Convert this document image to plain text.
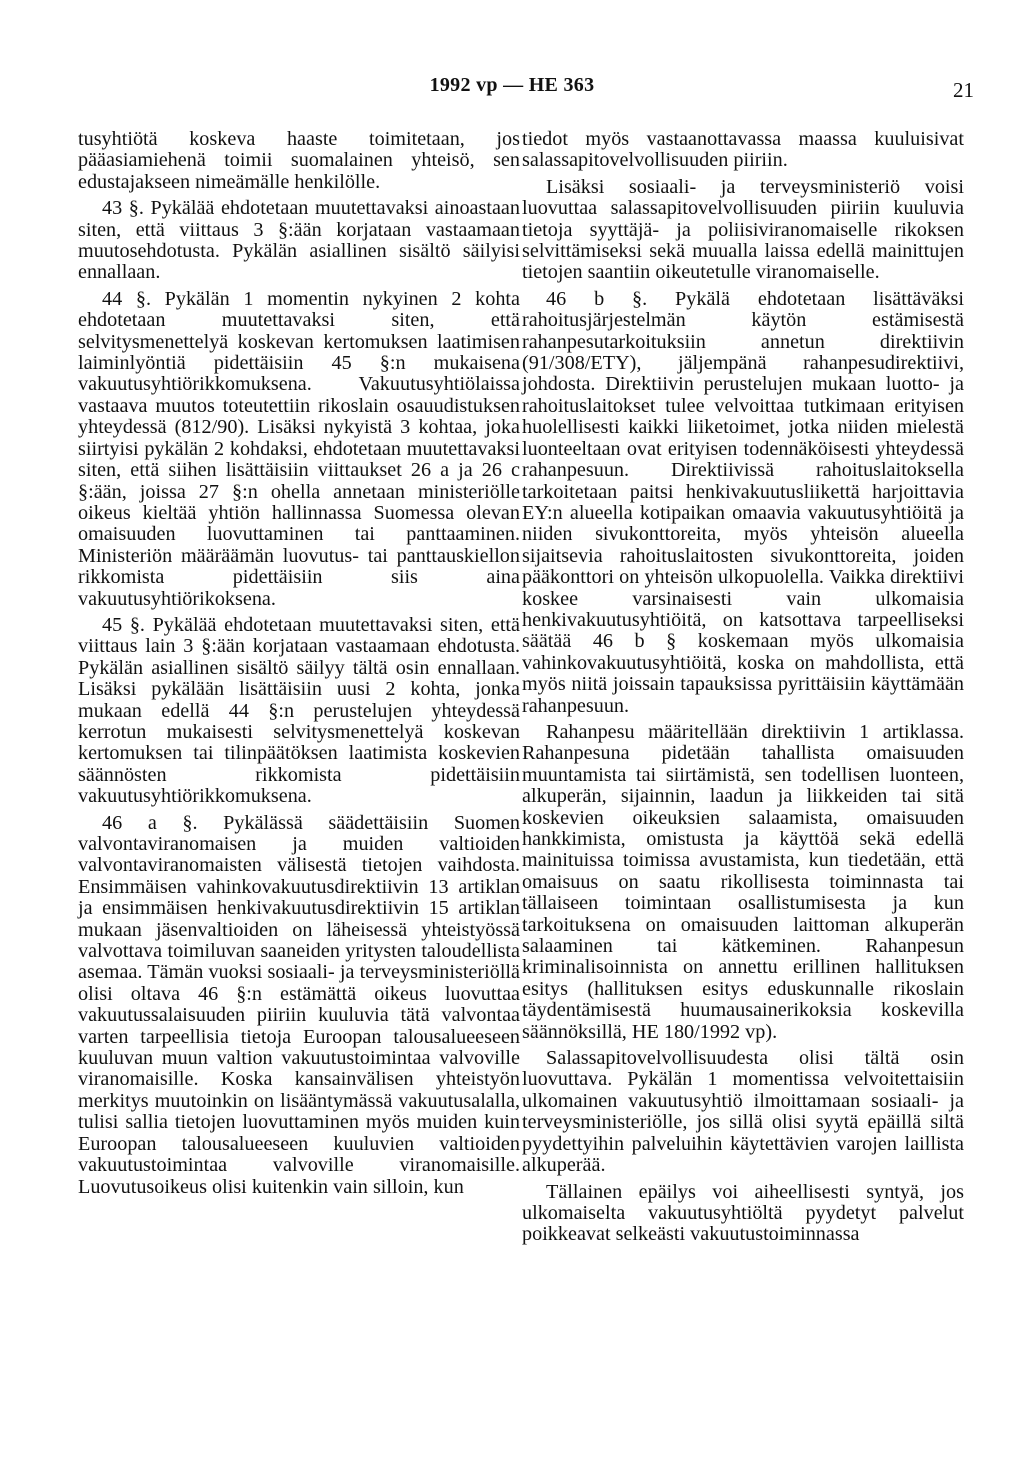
1992 vp — HE 363	21

tusyhtiötä koskeva haaste toimitetaan, jos pääasiamiehenä toimii suomalainen yhteisö, sen edustajakseen nimeämälle henkilölle.

43 §. Pykälää ehdotetaan muutettavaksi ainoastaan siten, että viittaus 3 §:ään korjataan vastaamaan muutosehdotusta. Pykälän asiallinen sisältö säilyisi ennallaan.

44 §. Pykälän 1 momentin nykyinen 2 kohta ehdotetaan muutettavaksi siten, että selvitysmenettelyä koskevan kertomuksen laatimisen laiminlyöntiä pidettäisiin 45 §:n mukaisena vakuutusyhtiörikkomuksena. Vakuutusyhtiölaissa vastaava muutos toteutettiin rikoslain osauudistuksen yhteydessä (812/90). Lisäksi nykyistä 3 kohtaa, joka siirtyisi pykälän 2 kohdaksi, ehdotetaan muutettavaksi siten, että siihen lisättäisiin viittaukset 26 a ja 26 c §:ään, joissa 27 §:n ohella annetaan ministeriölle oikeus kieltää yhtiön hallinnassa Suomessa olevan omaisuuden luovuttaminen tai panttaaminen. Ministeriön määräämän luovutus- tai panttauskiellon rikkomista pidettäisiin siis aina vakuutusyhtiörikoksena.

45 §. Pykälää ehdotetaan muutettavaksi siten, että viittaus lain 3 §:ään korjataan vastaamaan ehdotusta. Pykälän asiallinen sisältö säilyy tältä osin ennallaan. Lisäksi pykälään lisättäisiin uusi 2 kohta, jonka mukaan edellä 44 §:n perustelujen yhteydessä kerrotun mukaisesti selvitysmenettelyä koskevan kertomuksen tai tilinpäätöksen laatimista koskevien säännösten rikkomista pidettäisiin vakuutusyhtiörikkomuksena.

46 a §. Pykälässä säädettäisiin Suomen valvontaviranomaisen ja muiden valtioiden valvontaviranomaisten välisestä tietojen vaihdosta. Ensimmäisen vahinkovakuutusdirektiivin 13 artiklan ja ensimmäisen henkivakuutusdirektiivin 15 artiklan mukaan jäsenvaltioiden on läheisessä yhteistyössä valvottava toimiluvan saaneiden yritysten taloudellista asemaa. Tämän vuoksi sosiaali- ja terveysministeriöllä olisi oltava 46 §:n estämättä oikeus luovuttaa vakuutussalaisuuden piiriin kuuluvia tätä valvontaa varten tarpeellisia tietoja Euroopan talousalueeseen kuuluvan muun valtion vakuutustoimintaa valvoville viranomaisille. Koska kansainvälisen yhteistyön merkitys muutoinkin on lisääntymässä vakuutusalalla, tulisi sallia tietojen luovuttaminen myös muiden kuin Euroopan talousalueeseen kuuluvien valtioiden vakuutustoimintaa valvoville viranomaisille. Luovutusoikeus olisi kuitenkin vain silloin, kun

tiedot myös vastaanottavassa maassa kuuluisivat salassapitovelvollisuuden piiriin.

Lisäksi sosiaali- ja terveysministeriö voisi luovuttaa salassapitovelvollisuuden piiriin kuuluvia tietoja syyttäjä- ja poliisiviranomaiselle rikoksen selvittämiseksi sekä muualla laissa edellä mainittujen tietojen saantiin oikeutetulle viranomaiselle.

46 b §. Pykälä ehdotetaan lisättäväksi rahoitusjärjestelmän käytön estämisestä rahanpesutarkoituksiin annetun direktiivin (91/308/ETY), jäljempänä rahanpesudirektiivi, johdosta. Direktiivin perustelujen mukaan luotto- ja rahoituslaitokset tulee velvoittaa tutkimaan erityisen huolellisesti kaikki liiketoimet, jotka niiden mielestä luonteeltaan ovat erityisen todennäköisesti yhteydessä rahanpesuun. Direktiivissä rahoituslaitoksella tarkoitetaan paitsi henkivakuutusliikettä harjoittavia EY:n alueella kotipaikan omaavia vakuutusyhtiöitä ja niiden sivukonttoreita, myös yhteisön alueella sijaitsevia rahoituslaitosten sivukonttoreita, joiden pääkonttori on yhteisön ulkopuolella. Vaikka direktiivi koskee varsinaisesti vain ulkomaisia henkivakuutusyhtiöitä, on katsottava tarpeelliseksi säätää 46 b § koskemaan myös ulkomaisia vahinkovakuutusyhtiöitä, koska on mahdollista, että myös niitä joissain tapauksissa pyrittäisiin käyttämään rahanpesuun.

Rahanpesu määritellään direktiivin 1 artiklassa. Rahanpesuna pidetään tahallista omaisuuden muuntamista tai siirtämistä, sen todellisen luonteen, alkuperän, sijainnin, laadun ja liikkeiden tai sitä koskevien oikeuksien salaamista, omaisuuden hankkimista, omistusta ja käyttöä sekä edellä mainituissa toimissa avustamista, kun tiedetään, että omaisuus on saatu rikollisesta toiminnasta tai tällaiseen toimintaan osallistumisesta ja kun tarkoituksena on omaisuuden laittoman alkuperän salaaminen tai kätkeminen. Rahanpesun kriminalisoinnista on annettu erillinen hallituksen esitys (hallituksen esitys eduskunnalle rikoslain täydentämisestä huumausainerikoksia koskevilla säännöksillä, HE 180/1992 vp).

Salassapitovelvollisuudesta olisi tältä osin luovuttava. Pykälän 1 momentissa velvoitettaisiin ulkomainen vakuutusyhtiö ilmoittamaan sosiaali- ja terveysministeriölle, jos sillä olisi syytä epäillä siltä pyydettyihin palveluihin käytettävien varojen laillista alkuperää.

Tällainen epäilys voi aiheellisesti syntyä, jos ulkomaiselta vakuutusyhtiöltä pyydetyt palvelut poikkeavat selkeästi vakuutustoiminnassa
